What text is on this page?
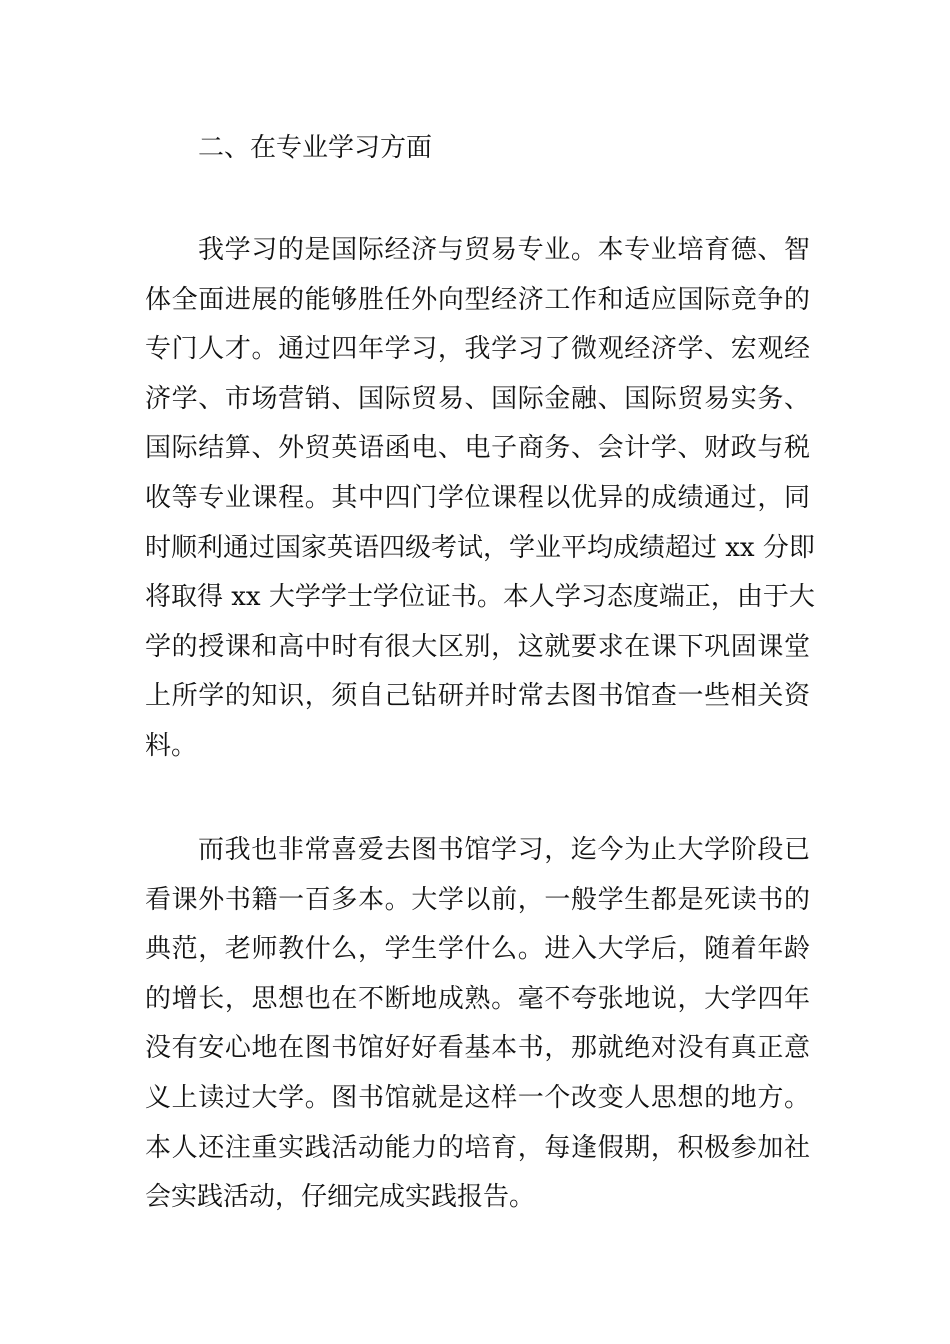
二、在专业学习方面
我学习的是国际经济与贸易专业。本专业培育德、智
体全面进展的能够胜任外向型经济工作和适应国际竞争的
专门人才。通过四年学习，我学习了微观经济学、宏观经
济学、市场营销、国际贸易、国际金融、国际贸易实务、
国际结算、外贸英语函电、电子商务、会计学、财政与税
收等专业课程。其中四门学位课程以优异的成绩通过，同
时顺利通过国家英语四级考试，学业平均成绩超过 xx 分即
将取得 xx 大学学士学位证书。本人学习态度端正，由于大
学的授课和高中时有很大区别，这就要求在课下巩固课堂
上所学的知识，须自己钻研并时常去图书馆查一些相关资
料。
而我也非常喜爱去图书馆学习，迄今为止大学阶段已
看课外书籍一百多本。大学以前，一般学生都是死读书的
典范，老师教什么，学生学什么。进入大学后，随着年龄
的增长，思想也在不断地成熟。毫不夸张地说，大学四年
没有安心地在图书馆好好看基本书，那就绝对没有真正意
义上读过大学。图书馆就是这样一个改变人思想的地方。
本人还注重实践活动能力的培育，每逢假期，积极参加社
会实践活动，仔细完成实践报告。
